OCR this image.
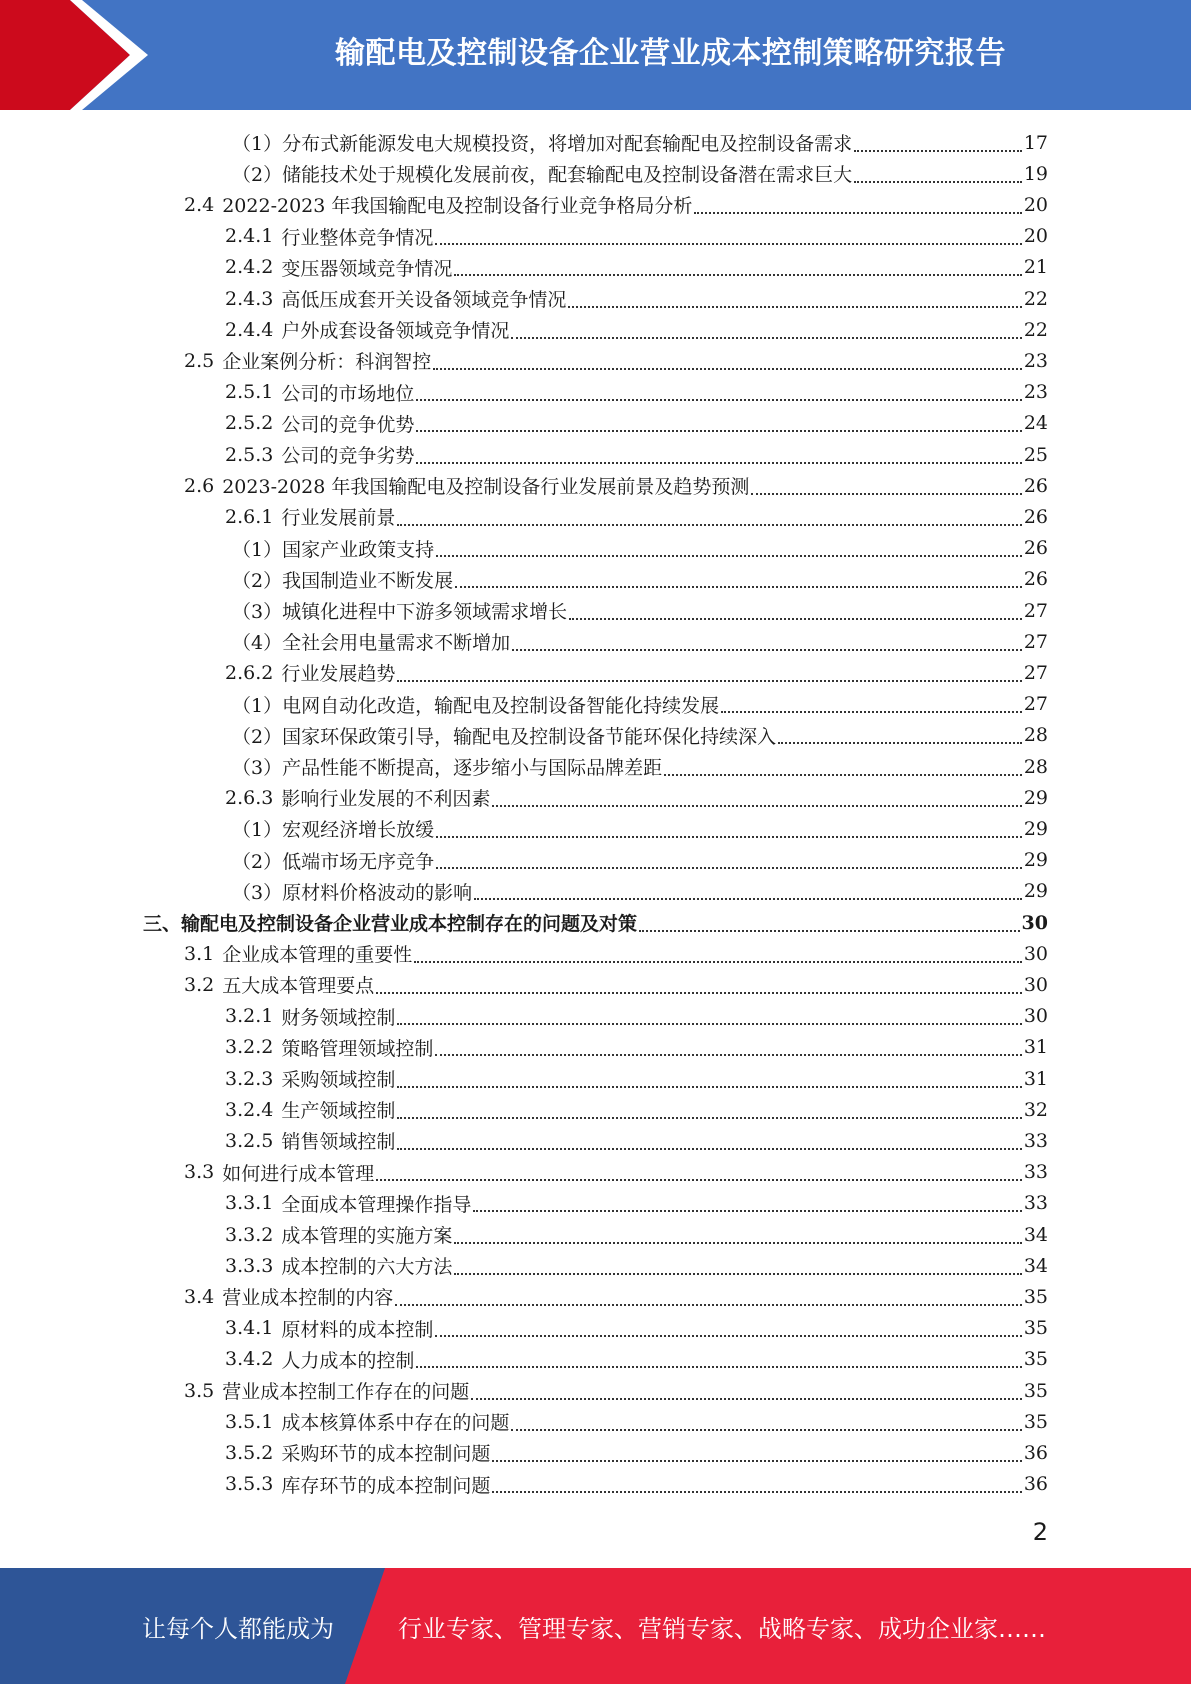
输配电及控制设备企业营业成本控制策略研究报告
（1）分布式新能源发电大规模投资，将增加对配套输配电及控制设备需求	17
（2）储能技术处于规模化发展前夜，配套输配电及控制设备潜在需求巨大	19
2.4 2022-2023 年我国输配电及控制设备行业竞争格局分析	20
2.4.1 行业整体竞争情况	20
2.4.2 变压器领域竞争情况	21
2.4.3 高低压成套开关设备领域竞争情况	22
2.4.4 户外成套设备领域竞争情况	22
2.5 企业案例分析：科润智控	23
2.5.1 公司的市场地位	23
2.5.2 公司的竞争优势	24
2.5.3 公司的竞争劣势	25
2.6 2023-2028 年我国输配电及控制设备行业发展前景及趋势预测	26
2.6.1 行业发展前景	26
（1）国家产业政策支持	26
（2）我国制造业不断发展	26
（3）城镇化进程中下游多领域需求增长	27
（4）全社会用电量需求不断增加	27
2.6.2 行业发展趋势	27
（1）电网自动化改造，输配电及控制设备智能化持续发展	27
（2）国家环保政策引导，输配电及控制设备节能环保化持续深入	28
（3）产品性能不断提高，逐步缩小与国际品牌差距	28
2.6.3 影响行业发展的不利因素	29
（1）宏观经济增长放缓	29
（2）低端市场无序竞争	29
（3）原材料价格波动的影响	29
三、输配电及控制设备企业营业成本控制存在的问题及对策	30
3.1 企业成本管理的重要性	30
3.2 五大成本管理要点	30
3.2.1 财务领域控制	30
3.2.2 策略管理领域控制	31
3.2.3 采购领域控制	31
3.2.4 生产领域控制	32
3.2.5 销售领域控制	33
3.3 如何进行成本管理	33
3.3.1 全面成本管理操作指导	33
3.3.2 成本管理的实施方案	34
3.3.3 成本控制的六大方法	34
3.4 营业成本控制的内容	35
3.4.1 原材料的成本控制	35
3.4.2 人力成本的控制	35
3.5 营业成本控制工作存在的问题	35
3.5.1 成本核算体系中存在的问题	35
3.5.2 采购环节的成本控制问题	36
3.5.3 库存环节的成本控制问题	36
2
让每个人都能成为	行业专家、管理专家、营销专家、战略专家、成功企业家……
